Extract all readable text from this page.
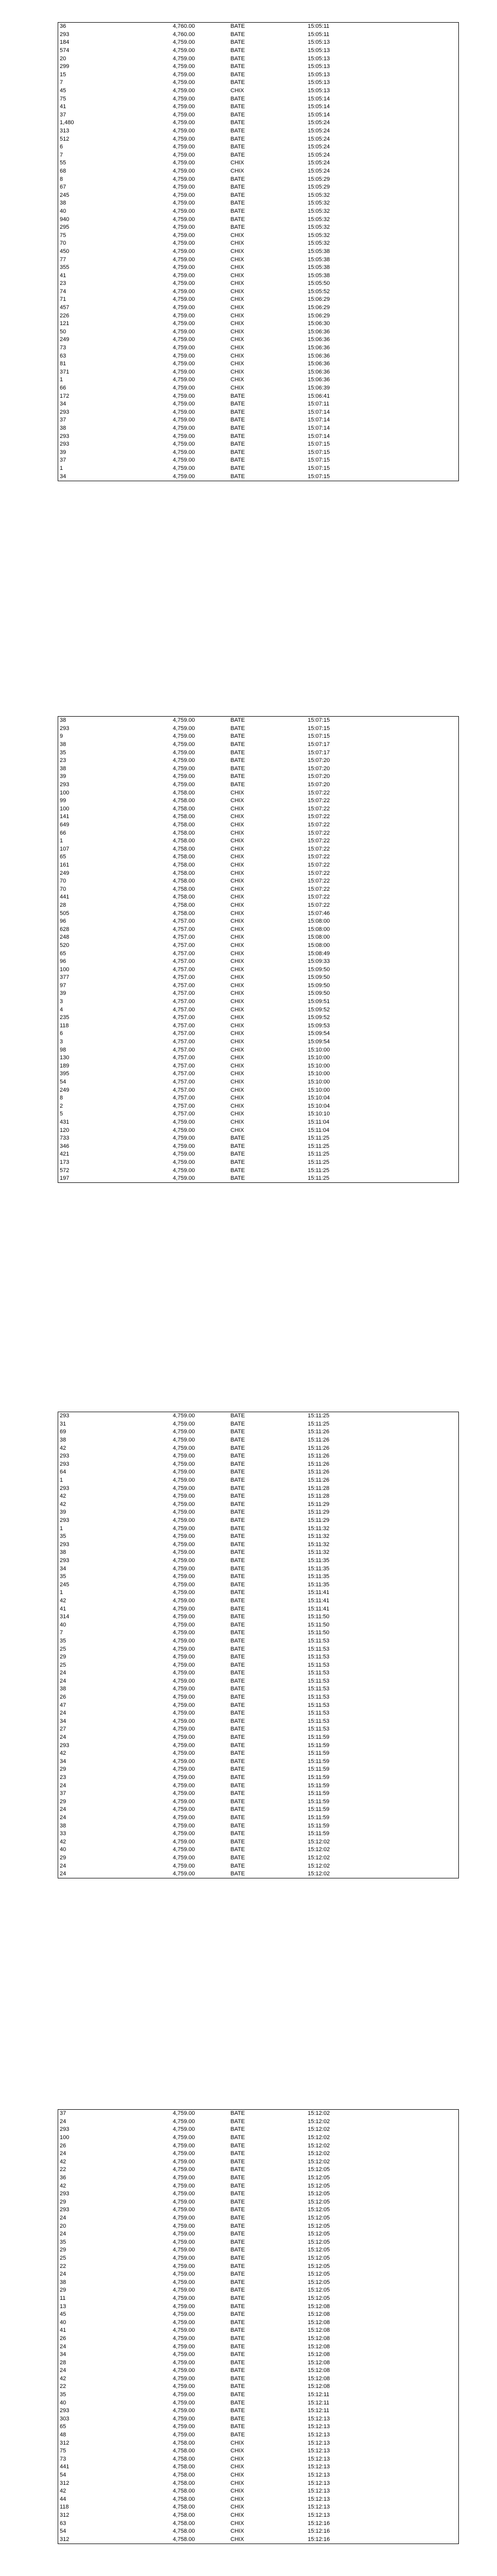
36	4,760.00	BATE	15:05:11
293	4,760.00	BATE	15:05:11
184	4,759.00	BATE	15:05:13
574	4,759.00	BATE	15:05:13
20	4,759.00	BATE	15:05:13
299	4,759.00	BATE	15:05:13
15	4,759.00	BATE	15:05:13
7	4,759.00	BATE	15:05:13
45	4,759.00	CHIX	15:05:13
75	4,759.00	BATE	15:05:14
41	4,759.00	BATE	15:05:14
37	4,759.00	BATE	15:05:14
1,480	4,759.00	BATE	15:05:24
313	4,759.00	BATE	15:05:24
512	4,759.00	BATE	15:05:24
6	4,759.00	BATE	15:05:24
7	4,759.00	BATE	15:05:24
55	4,759.00	CHIX	15:05:24
68	4,759.00	CHIX	15:05:24
8	4,759.00	BATE	15:05:29
67	4,759.00	BATE	15:05:29
245	4,759.00	BATE	15:05:32
38	4,759.00	BATE	15:05:32
40	4,759.00	BATE	15:05:32
940	4,759.00	BATE	15:05:32
295	4,759.00	BATE	15:05:32
75	4,759.00	CHIX	15:05:32
70	4,759.00	CHIX	15:05:32
450	4,759.00	CHIX	15:05:38
77	4,759.00	CHIX	15:05:38
355	4,759.00	CHIX	15:05:38
41	4,759.00	CHIX	15:05:38
23	4,759.00	CHIX	15:05:50
74	4,759.00	CHIX	15:05:52
71	4,759.00	CHIX	15:06:29
457	4,759.00	CHIX	15:06:29
226	4,759.00	CHIX	15:06:29
121	4,759.00	CHIX	15:06:30
50	4,759.00	CHIX	15:06:36
249	4,759.00	CHIX	15:06:36
73	4,759.00	CHIX	15:06:36
63	4,759.00	CHIX	15:06:36
81	4,759.00	CHIX	15:06:36
371	4,759.00	CHIX	15:06:36
1	4,759.00	CHIX	15:06:36
66	4,759.00	CHIX	15:06:39
172	4,759.00	BATE	15:06:41
34	4,759.00	BATE	15:07:11
293	4,759.00	BATE	15:07:14
37	4,759.00	BATE	15:07:14
38	4,759.00	BATE	15:07:14
293	4,759.00	BATE	15:07:14
293	4,759.00	BATE	15:07:15
39	4,759.00	BATE	15:07:15
37	4,759.00	BATE	15:07:15
1	4,759.00	BATE	15:07:15
34	4,759.00	BATE	15:07:15
38	4,759.00	BATE	15:07:15
293	4,759.00	BATE	15:07:15
9	4,759.00	BATE	15:07:15
38	4,759.00	BATE	15:07:17
35	4,759.00	BATE	15:07:17
23	4,759.00	BATE	15:07:20
38	4,759.00	BATE	15:07:20
39	4,759.00	BATE	15:07:20
293	4,759.00	BATE	15:07:20
100	4,758.00	CHIX	15:07:22
99	4,758.00	CHIX	15:07:22
100	4,758.00	CHIX	15:07:22
141	4,758.00	CHIX	15:07:22
649	4,758.00	CHIX	15:07:22
66	4,758.00	CHIX	15:07:22
1	4,758.00	CHIX	15:07:22
107	4,758.00	CHIX	15:07:22
65	4,758.00	CHIX	15:07:22
161	4,758.00	CHIX	15:07:22
249	4,758.00	CHIX	15:07:22
70	4,758.00	CHIX	15:07:22
70	4,758.00	CHIX	15:07:22
441	4,758.00	CHIX	15:07:22
28	4,758.00	CHIX	15:07:22
505	4,758.00	CHIX	15:07:46
96	4,757.00	CHIX	15:08:00
628	4,757.00	CHIX	15:08:00
248	4,757.00	CHIX	15:08:00
520	4,757.00	CHIX	15:08:00
65	4,757.00	CHIX	15:08:49
96	4,757.00	CHIX	15:09:33
100	4,757.00	CHIX	15:09:50
377	4,757.00	CHIX	15:09:50
97	4,757.00	CHIX	15:09:50
39	4,757.00	CHIX	15:09:50
3	4,757.00	CHIX	15:09:51
4	4,757.00	CHIX	15:09:52
235	4,757.00	CHIX	15:09:52
118	4,757.00	CHIX	15:09:53
6	4,757.00	CHIX	15:09:54
3	4,757.00	CHIX	15:09:54
98	4,757.00	CHIX	15:10:00
130	4,757.00	CHIX	15:10:00
189	4,757.00	CHIX	15:10:00
395	4,757.00	CHIX	15:10:00
54	4,757.00	CHIX	15:10:00
249	4,757.00	CHIX	15:10:00
8	4,757.00	CHIX	15:10:04
2	4,757.00	CHIX	15:10:04
5	4,757.00	CHIX	15:10:10
431	4,759.00	CHIX	15:11:04
120	4,759.00	CHIX	15:11:04
733	4,759.00	BATE	15:11:25
346	4,759.00	BATE	15:11:25
421	4,759.00	BATE	15:11:25
173	4,759.00	BATE	15:11:25
572	4,759.00	BATE	15:11:25
197	4,759.00	BATE	15:11:25
293	4,759.00	BATE	15:11:25
31	4,759.00	BATE	15:11:25
69	4,759.00	BATE	15:11:26
38	4,759.00	BATE	15:11:26
42	4,759.00	BATE	15:11:26
293	4,759.00	BATE	15:11:26
293	4,759.00	BATE	15:11:26
64	4,759.00	BATE	15:11:26
1	4,759.00	BATE	15:11:26
293	4,759.00	BATE	15:11:28
42	4,759.00	BATE	15:11:28
42	4,759.00	BATE	15:11:29
39	4,759.00	BATE	15:11:29
293	4,759.00	BATE	15:11:29
1	4,759.00	BATE	15:11:32
35	4,759.00	BATE	15:11:32
293	4,759.00	BATE	15:11:32
38	4,759.00	BATE	15:11:32
293	4,759.00	BATE	15:11:35
34	4,759.00	BATE	15:11:35
35	4,759.00	BATE	15:11:35
245	4,759.00	BATE	15:11:35
1	4,759.00	BATE	15:11:41
42	4,759.00	BATE	15:11:41
41	4,759.00	BATE	15:11:41
314	4,759.00	BATE	15:11:50
40	4,759.00	BATE	15:11:50
7	4,759.00	BATE	15:11:50
35	4,759.00	BATE	15:11:53
25	4,759.00	BATE	15:11:53
29	4,759.00	BATE	15:11:53
25	4,759.00	BATE	15:11:53
24	4,759.00	BATE	15:11:53
24	4,759.00	BATE	15:11:53
38	4,759.00	BATE	15:11:53
26	4,759.00	BATE	15:11:53
47	4,759.00	BATE	15:11:53
24	4,759.00	BATE	15:11:53
34	4,759.00	BATE	15:11:53
27	4,759.00	BATE	15:11:53
24	4,759.00	BATE	15:11:59
293	4,759.00	BATE	15:11:59
42	4,759.00	BATE	15:11:59
34	4,759.00	BATE	15:11:59
29	4,759.00	BATE	15:11:59
23	4,759.00	BATE	15:11:59
24	4,759.00	BATE	15:11:59
37	4,759.00	BATE	15:11:59
29	4,759.00	BATE	15:11:59
24	4,759.00	BATE	15:11:59
24	4,759.00	BATE	15:11:59
38	4,759.00	BATE	15:11:59
33	4,759.00	BATE	15:11:59
42	4,759.00	BATE	15:12:02
40	4,759.00	BATE	15:12:02
29	4,759.00	BATE	15:12:02
24	4,759.00	BATE	15:12:02
24	4,759.00	BATE	15:12:02
37	4,759.00	BATE	15:12:02
24	4,759.00	BATE	15:12:02
293	4,759.00	BATE	15:12:02
100	4,759.00	BATE	15:12:02
26	4,759.00	BATE	15:12:02
24	4,759.00	BATE	15:12:02
42	4,759.00	BATE	15:12:02
22	4,759.00	BATE	15:12:05
36	4,759.00	BATE	15:12:05
42	4,759.00	BATE	15:12:05
293	4,759.00	BATE	15:12:05
29	4,759.00	BATE	15:12:05
293	4,759.00	BATE	15:12:05
24	4,759.00	BATE	15:12:05
20	4,759.00	BATE	15:12:05
24	4,759.00	BATE	15:12:05
35	4,759.00	BATE	15:12:05
29	4,759.00	BATE	15:12:05
25	4,759.00	BATE	15:12:05
22	4,759.00	BATE	15:12:05
24	4,759.00	BATE	15:12:05
38	4,759.00	BATE	15:12:05
29	4,759.00	BATE	15:12:05
11	4,759.00	BATE	15:12:05
13	4,759.00	BATE	15:12:08
45	4,759.00	BATE	15:12:08
40	4,759.00	BATE	15:12:08
41	4,759.00	BATE	15:12:08
26	4,759.00	BATE	15:12:08
24	4,759.00	BATE	15:12:08
34	4,759.00	BATE	15:12:08
28	4,759.00	BATE	15:12:08
24	4,759.00	BATE	15:12:08
42	4,759.00	BATE	15:12:08
22	4,759.00	BATE	15:12:08
35	4,759.00	BATE	15:12:11
40	4,759.00	BATE	15:12:11
293	4,759.00	BATE	15:12:11
303	4,759.00	BATE	15:12:13
65	4,759.00	BATE	15:12:13
48	4,759.00	BATE	15:12:13
312	4,758.00	CHIX	15:12:13
75	4,758.00	CHIX	15:12:13
73	4,758.00	CHIX	15:12:13
441	4,758.00	CHIX	15:12:13
54	4,758.00	CHIX	15:12:13
312	4,758.00	CHIX	15:12:13
42	4,758.00	CHIX	15:12:13
44	4,758.00	CHIX	15:12:13
118	4,758.00	CHIX	15:12:13
312	4,758.00	CHIX	15:12:13
63	4,758.00	CHIX	15:12:16
54	4,758.00	CHIX	15:12:16
312	4,758.00	CHIX	15:12:16
